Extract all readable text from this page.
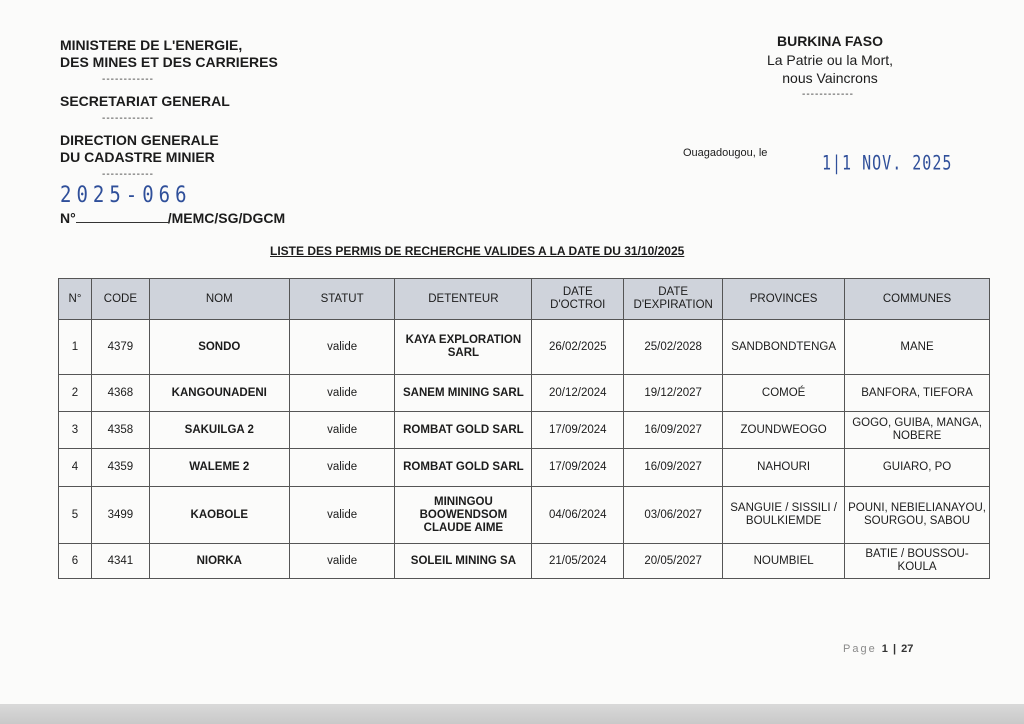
MINISTERE DE L'ENERGIE,
DES MINES ET DES CARRIERES
------------
SECRETARIAT GENERAL
------------
DIRECTION GENERALE
DU CADASTRE MINIER
------------
2025-066
N°	/MEMC/SG/DGCM
BURKINA FASO
La Patrie ou la Mort,
nous Vaincrons
------------
Ouagadougou, le	1|1 NOV. 2025
LISTE DES PERMIS DE RECHERCHE VALIDES A LA DATE DU 31/10/2025
N°	CODE	NOM	STATUT	DETENTEUR	DATE D'OCTROI	DATE D'EXPIRATION	PROVINCES	COMMUNES
1	4379	SONDO	valide	KAYA EXPLORATION SARL	26/02/2025	25/02/2028	SANDBONDTENGA	MANE
2	4368	KANGOUNADENI	valide	SANEM MINING SARL	20/12/2024	19/12/2027	COMOÉ	BANFORA, TIEFORA
3	4358	SAKUILGA 2	valide	ROMBAT GOLD SARL	17/09/2024	16/09/2027	ZOUNDWEOGO	GOGO, GUIBA, MANGA, NOBERE
4	4359	WALEME 2	valide	ROMBAT GOLD SARL	17/09/2024	16/09/2027	NAHOURI	GUIARO, PO
5	3499	KAOBOLE	valide	MININGOU BOOWENDSOM CLAUDE AIME	04/06/2024	03/06/2027	SANGUIE / SISSILI / BOULKIEMDE	POUNI, NEBIELIANAYOU, SOURGOU, SABOU
6	4341	NIORKA	valide	SOLEIL MINING SA	21/05/2024	20/05/2027	NOUMBIEL	BATIE / BOUSSOU-KOULA
Page 1 | 27
